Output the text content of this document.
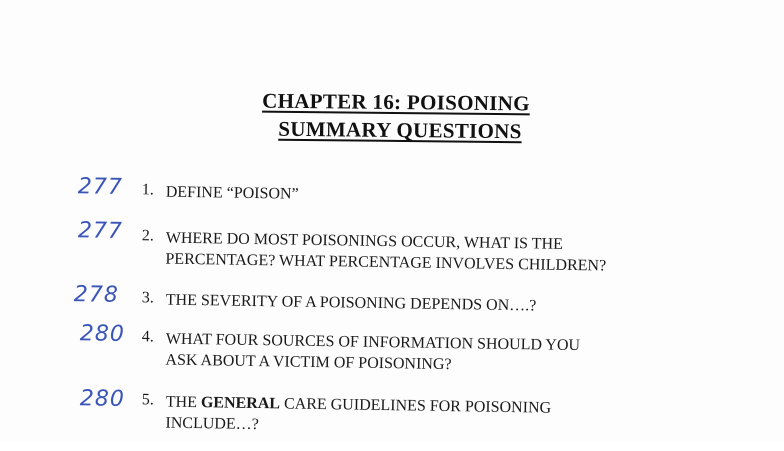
CHAPTER 16: POISONING
SUMMARY QUESTIONS
277 1. DEFINE “POISON”
277 2. WHERE DO MOST POISONINGS OCCUR, WHAT IS THE
PERCENTAGE? WHAT PERCENTAGE INVOLVES CHILDREN?
278 3. THE SEVERITY OF A POISONING DEPENDS ON….?
280 4. WHAT FOUR SOURCES OF INFORMATION SHOULD YOU
ASK ABOUT A VICTIM OF POISONING?
280 5. THE GENERAL CARE GUIDELINES FOR POISONING
INCLUDE…?
